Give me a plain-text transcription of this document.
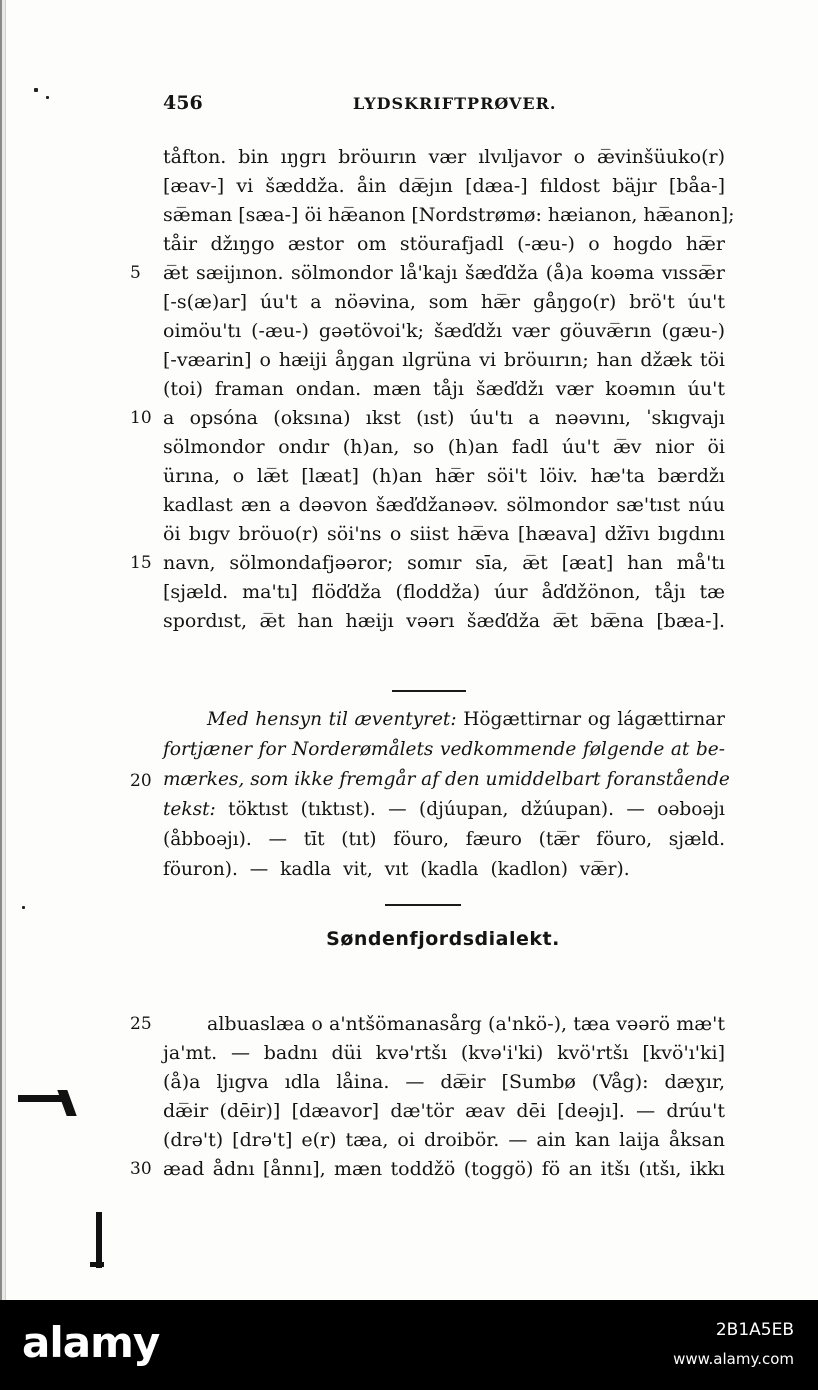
456	LYDSKRIFTPRØVER.
tåfton. bin ıŋgrı bröuırın vær ılvıljavor o æ̅vinšüuko(r)
[æav-] vi šæddža. åin dæ̅jın [dæa-] fıldost bäjır [båa-]
sæ̅man [sæa-] öi hæ̅anon [Nordstrømø: hæianon, hæ̅anon];
tåir džıŋgo æstor om stöurafjadl (-æu-) o hogdo hæ̅r
æ̅t sæijınon. sölmondor lå'kajı šæďdža (å)a koəma vıssæ̅r
[-s(æ)ar] úu't a nöəvina, som hæ̅r gåŋgo(r) brö't úu't
oimöu'tı (-æu-) gəətövoi'k; šæďdžı vær göuvæ̅rın (gæu-)
[-væarin] o hæiji åŋgan ılgrüna vi bröuırın; han džæk töi
(toi) framan ondan. mæn tåjı šæďdžı vær koəmın úu't
a opsóna (oksına) ıkst (ıst) úu'tı a nəəvını, ˈskıgvajı
sölmondor ondır (h)an, so (h)an fadl úu't æ̅v nior öi
ürına, o læ̅t [læat] (h)an hæ̅r söi't löiv. hæ'ta bærdžı
kadlast æn a dəəvon šæďdžanəəv. sölmondor sæ'tıst núu
öi bıgv bröuo(r) söi'ns o siist hæ̅va [hæava] džīvı bıgdını
navn, sölmondafjəəror; somır sīa, æ̅t [æat] han må'tı
[sjæld. ma'tı] flöďdža (floddža) úur åďdžönon, tåjı tæ
spordıst, æ̅t han hæijı vəərı šæďdža æ̅t bæ̅na [bæa-].
5
10
15
Med hensyn til æventyret: Högættirnar og lágættirnar
fortjæner for Norderømålets vedkommende følgende at be-
mærkes, som ikke fremgår af den umiddelbart foranstående
tekst: töktıst (tıktıst). — (djúupan, džúupan). — oəboəjı
(åbboəjı). — tīt (tıt) föuro, fæuro (tæ̅r föuro, sjæld.
föuron). — kadla vit, vıt (kadla (kadlon) væ̅r).
20
Søndenfjordsdialekt.
albuaslæa o a'ntšömanasårg (a'nkö-), tæa vəərö mæ't
ja'mt. — badnı düi kvə'rtšı (kvə'i'ki) kvö'rtšı [kvö'ı'ki]
(å)a ljıgva ıdla låina. — dæ̅ir [Sumbø (Våg): dæɣır,
dæ̅ir (dēir)] [dæavor] dæ'tör æav dēi [deəjı]. — drúu't
(drə't) [drə't] e(r) tæa, oi droibör. — ain kan laija åksan
æad ådnı [ånnı], mæn toddžö (toggö) fö an itšı (ıtšı, ikkı
25
30
alamy	2B1A5EB
www.alamy.com
